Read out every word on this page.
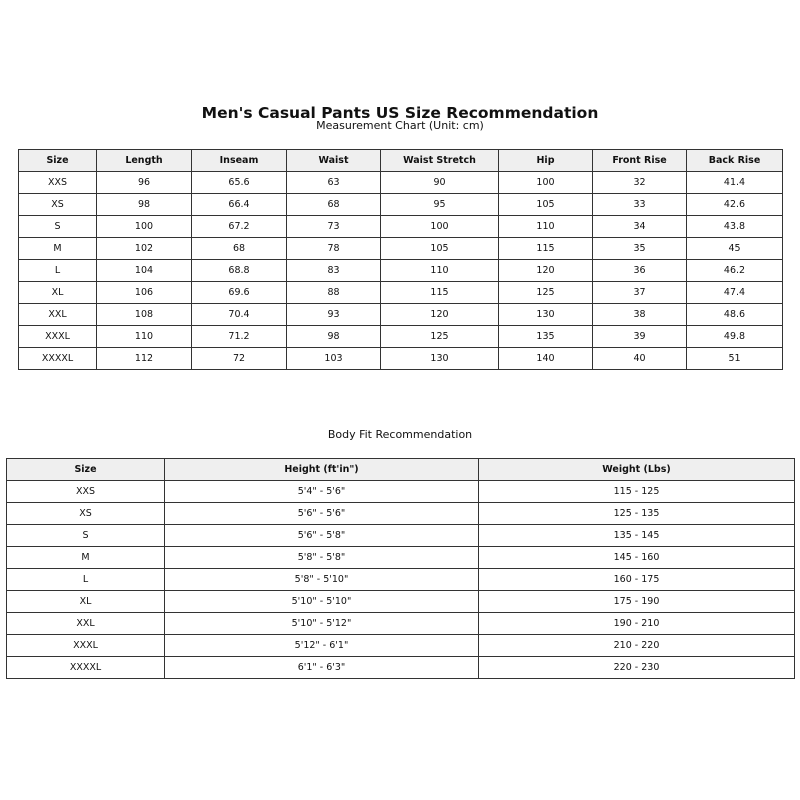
Men's Casual Pants US Size Recommendation
Measurement Chart (Unit: cm)
Size	Length	Inseam	Waist	Waist Stretch	Hip	Front Rise	Back Rise
XXS	96	65.6	63	90	100	32	41.4
XS	98	66.4	68	95	105	33	42.6
S	100	67.2	73	100	110	34	43.8
M	102	68	78	105	115	35	45
L	104	68.8	83	110	120	36	46.2
XL	106	69.6	88	115	125	37	47.4
XXL	108	70.4	93	120	130	38	48.6
XXXL	110	71.2	98	125	135	39	49.8
XXXXL	112	72	103	130	140	40	51
Body Fit Recommendation
Size	Height (ft'in")	Weight (Lbs)
XXS	5'4" - 5'6"	115 - 125
XS	5'6" - 5'6"	125 - 135
S	5'6" - 5'8"	135 - 145
M	5'8" - 5'8"	145 - 160
L	5'8" - 5'10"	160 - 175
XL	5'10" - 5'10"	175 - 190
XXL	5'10" - 5'12"	190 - 210
XXXL	5'12" - 6'1"	210 - 220
XXXXL	6'1" - 6'3"	220 - 230
